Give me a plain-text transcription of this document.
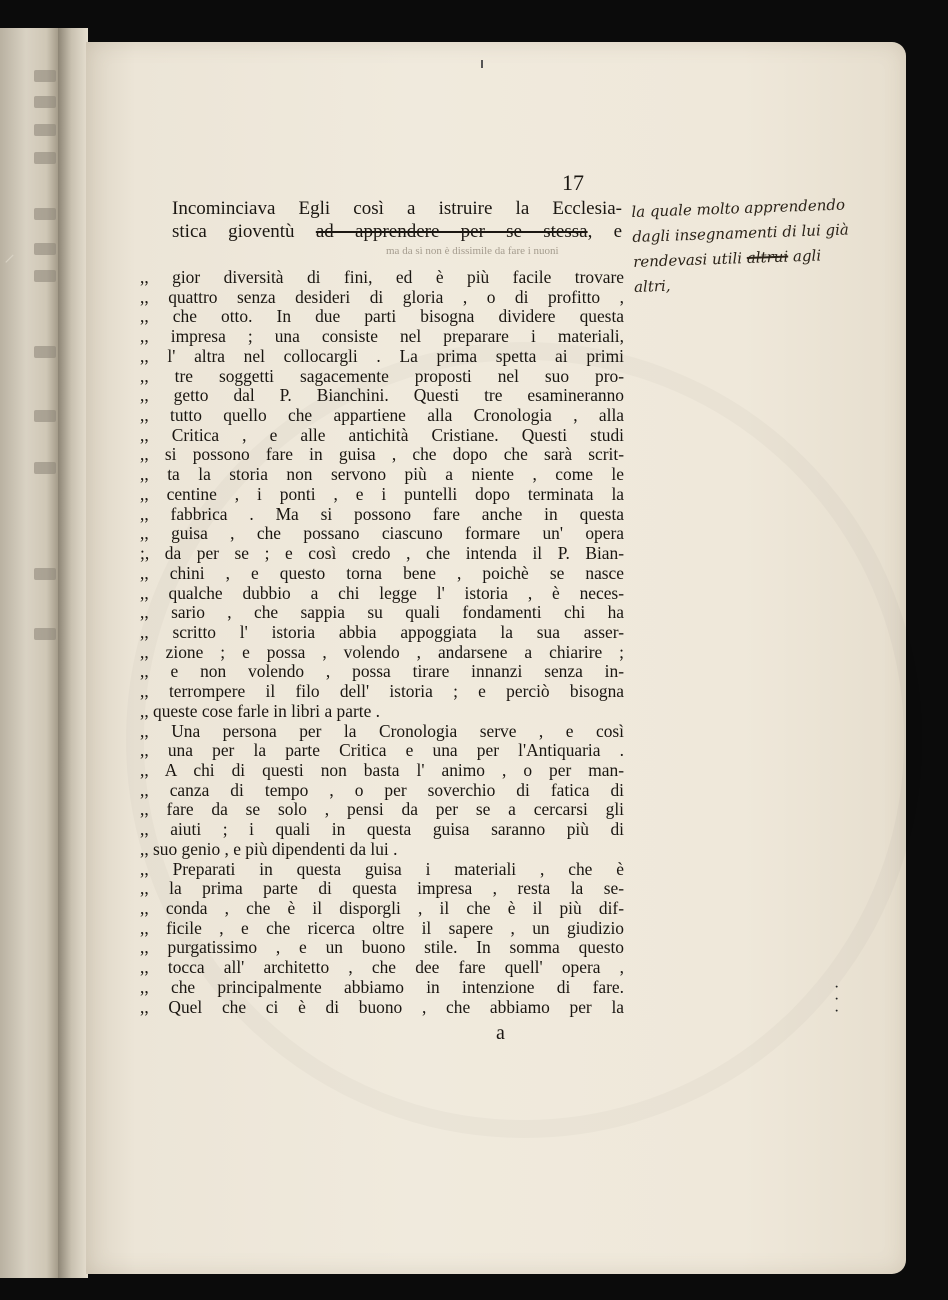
⸝
17
Incominciava Egli così a istruire la Ecclesia-
stica gioventù ad apprendere per se stessa, e
ma da sì non è dissimile da fare i nuoni
,, gior diversità di fini, ed è più facile trovare
,, quattro senza desideri di gloria , o di profitto ,
,, che otto. In due parti bisogna dividere questa
,, impresa ; una consiste nel preparare i materiali,
,, l' altra nel collocargli . La prima spetta ai primi
,, tre soggetti sagacemente proposti nel suo pro-
,, getto dal P. Bianchini. Questi tre esamineranno
,, tutto quello che appartiene alla Cronologia , alla
,, Critica , e alle antichità Cristiane. Questi studi
,, si possono fare in guisa , che dopo che sarà scrit-
,, ta la storia non servono più a niente , come le
,, centine , i ponti , e i puntelli dopo terminata la
,, fabbrica . Ma si possono fare anche in questa
,, guisa , che possano ciascuno formare un' opera
;, da per se ; e così credo , che intenda il P. Bian-
,, chini , e questo torna bene , poichè se nasce
,, qualche dubbio a chi legge l' istoria , è neces-
,, sario , che sappia su quali fondamenti chi ha
,, scritto l' istoria abbia appoggiata la sua asser-
,, zione ; e possa , volendo , andarsene a chiarire ;
,, e non volendo , possa tirare innanzi senza in-
,, terrompere il filo dell' istoria ; e perciò bisogna
,, queste cose farle in libri a parte .
,, Una persona per la Cronologia serve , e così
,, una per la parte Critica e una per l'Antiquaria .
,, A chi di questi non basta l' animo , o per man-
,, canza di tempo , o per soverchio di fatica di
,, fare da se solo , pensi da per se a cercarsi gli
,, aiuti ; i quali in questa guisa saranno più di
,, suo genio , e più dipendenti da lui .
,, Preparati in questa guisa i materiali , che è
,, la prima parte di questa impresa , resta la se-
,, conda , che è il disporgli , il che è il più dif-
,, ficile , e che ricerca oltre il sapere , un giudizio
,, purgatissimo , e un buono stile. In somma questo
,, tocca all' architetto , che dee fare quell' opera ,
,, che principalmente abbiamo in intenzione di fare.
,, Quel che ci è di buono , che abbiamo per la
a
la quale molto apprendendo
dagli insegnamenti di lui già
rendevasi utili altrui agli
altri,
·
·
·
